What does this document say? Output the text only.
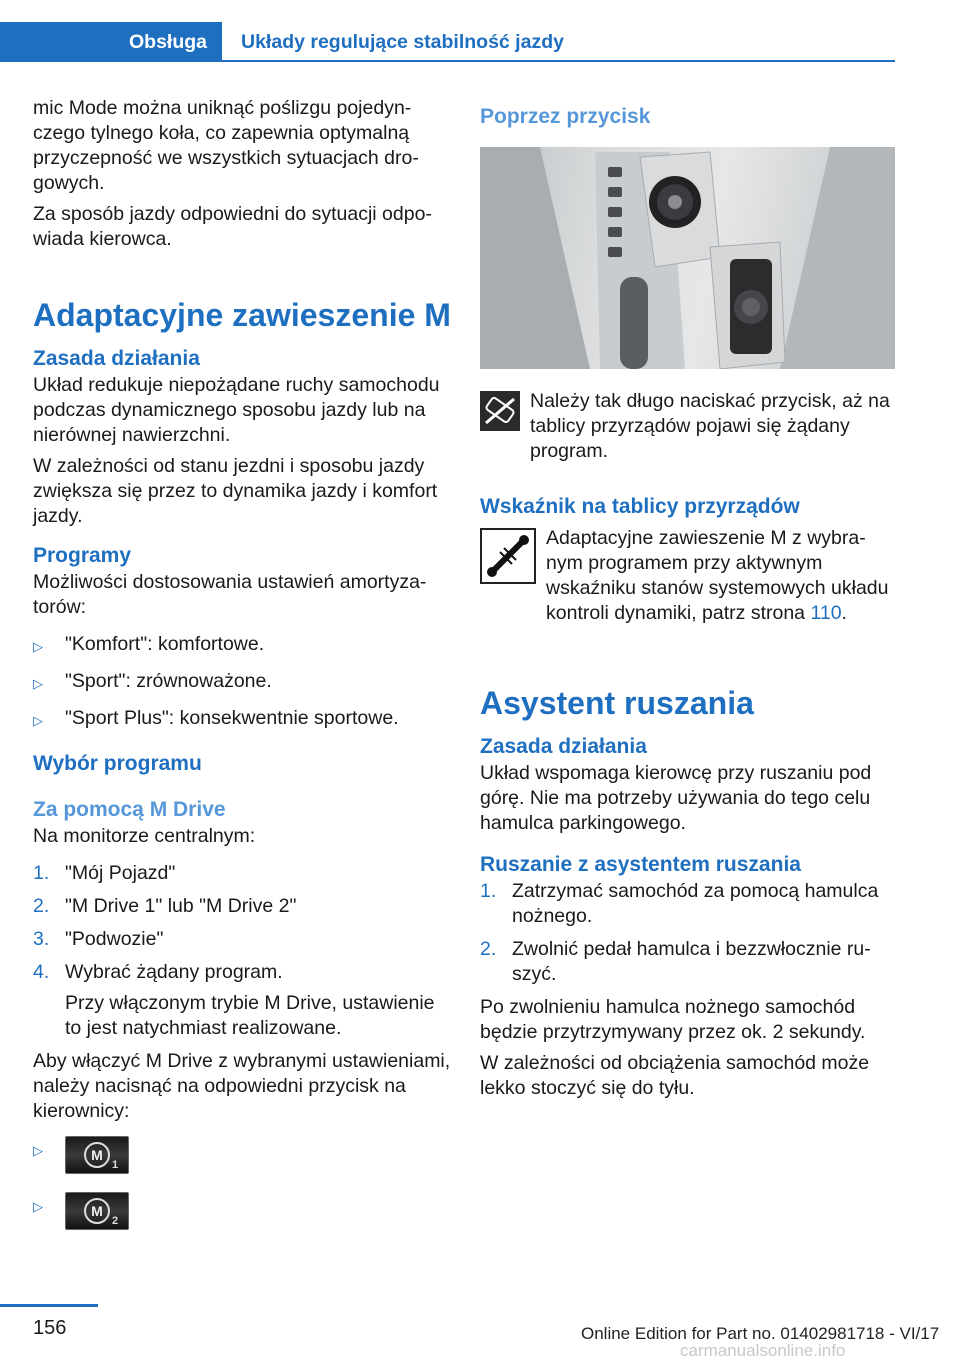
Obsługa	Układy regulujące stabilność jazdy

mic Mode można uniknąć poślizgu pojedynczego tylnego koła, co zapewnia optymalną przyczepność we wszystkich sytuacjach drogowych.

Za sposób jazdy odpowiedni do sytuacji odpowiada kierowca.

Adaptacyjne zawieszenie M
Zasada działania

Układ redukuje niepożądane ruchy samochodu podczas dynamicznego sposobu jazdy lub na nierównej nawierzchni.

W zależności od stanu jezdni i sposobu jazdy zwiększa się przez to dynamika jazdy i komfort jazdy.

Programy

Możliwości dostosowania ustawień amortyzatorów:

▷ "Komfort": komfortowe.
▷ "Sport": zrównoważone.
▷ "Sport Plus": konsekwentnie sportowe.
Wybór programu
Za pomocą M Drive

Na monitorze centralnym:

1. "Mój Pojazd"
2. "M Drive 1" lub "M Drive 2"
3. "Podwozie"
4. Wybrać żądany program.
Przy włączonym trybie M Drive, ustawienie to jest natychmiast realizowane.

Aby włączyć M Drive z wybranymi ustawieniami, należy nacisnąć na odpowiedni przycisk na kierownicy:

▷	M
1
▷	M
2
Poprzez przycisk

Należy tak długo naciskać przycisk, aż na tablicy przyrządów pojawi się żądany program.

Wskaźnik na tablicy przyrządów

Adaptacyjne zawieszenie M z wybranym programem przy aktywnym wskaźniku stanów systemowych układu kontroli dynamiki, patrz strona 110.

Asystent ruszania
Zasada działania

Układ wspomaga kierowcę przy ruszaniu pod górę. Nie ma potrzeby używania do tego celu hamulca parkingowego.

Ruszanie z asystentem ruszania
1. Zatrzymać samochód za pomocą hamulca nożnego.
2. Zwolnić pedał hamulca i bezzwłocznie ruszyć.

Po zwolnieniu hamulca nożnego samochód będzie przytrzymywany przez ok. 2 sekundy.

W zależności od obciążenia samochód może lekko stoczyć się do tyłu.

156	Online Edition for Part no. 01402981718 - VI/17
carmanualsonline.info
